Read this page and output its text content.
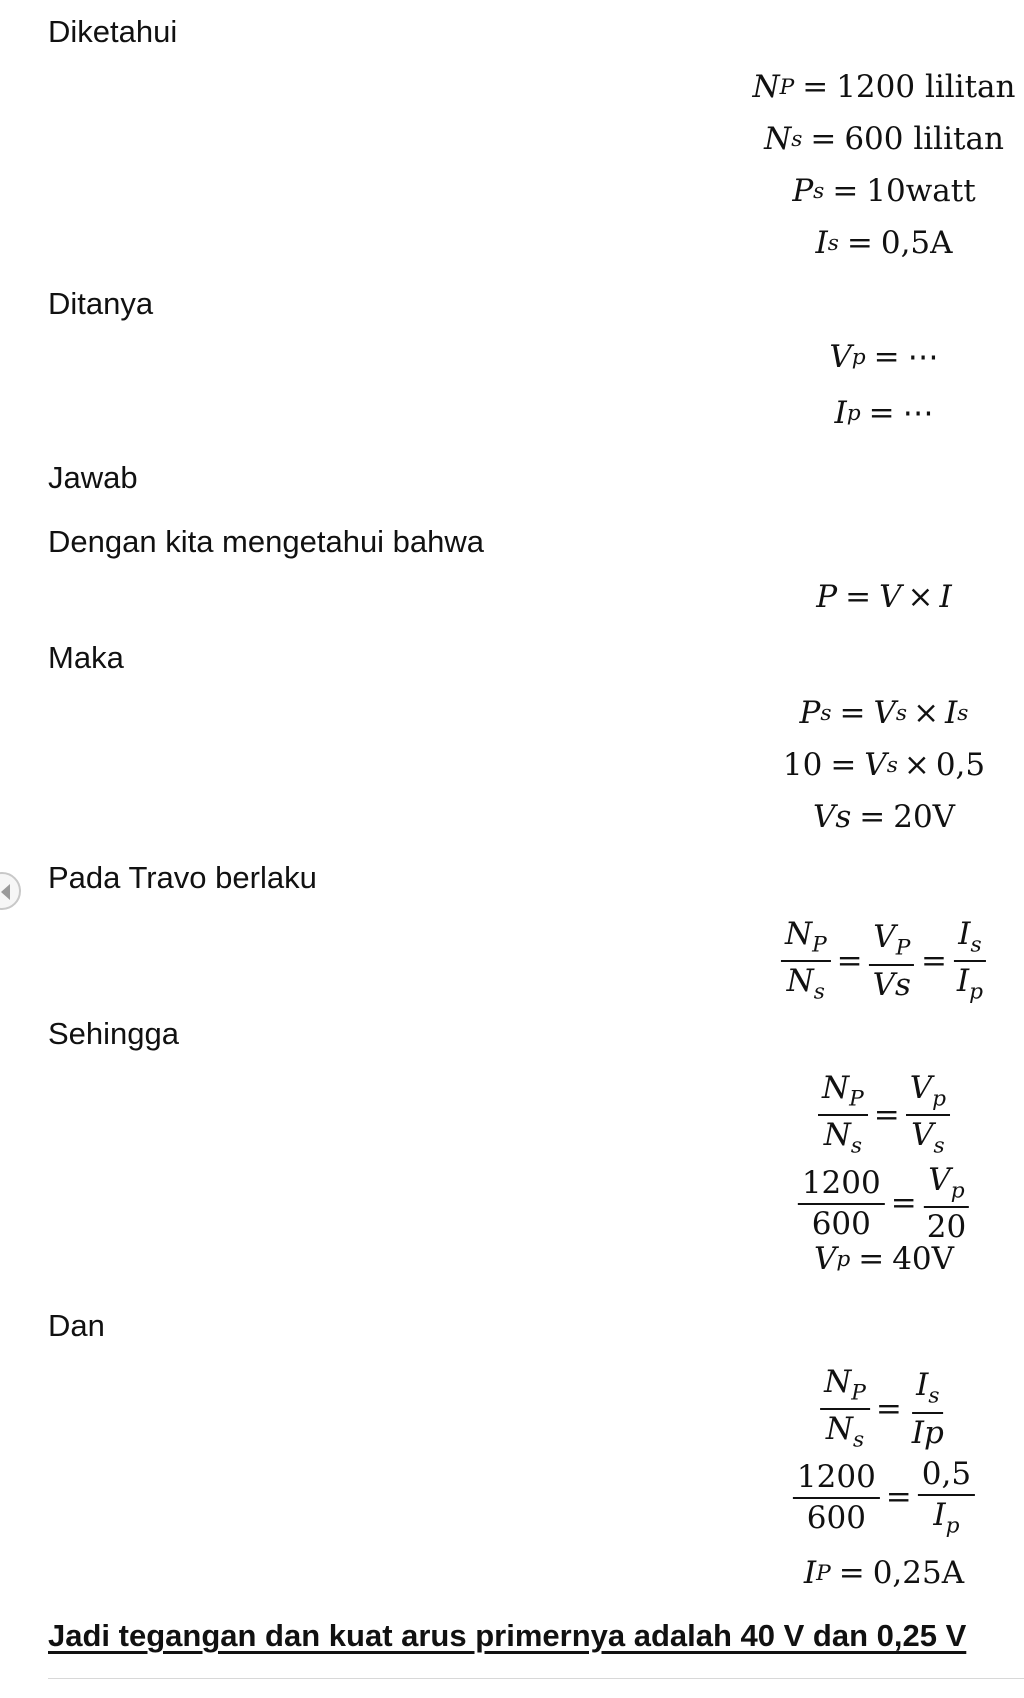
Diketahui

N P = 1200 lilitan
N s = 600 lilitan
P s = 10watt
I s = 0,5A

Ditanya

V p = ⋯
I p = ⋯

Jawab

Dengan kita mengetahui bahwa

P = V × I

Maka

P s = V s × I s
10 = V s × 0,5
Vs = 20V

Pada Travo berlaku

$\frac{N_P}{N_s} = \frac{V_P}{Vs} = \frac{I_s}{I_p}$

Sehingga

$\frac{N_P}{N_s} = \frac{V_p}{V_s}$
$\frac{1200}{600} = \frac{V_p}{20}$
V p = 40V

Dan

$\frac{N_P}{N_s} = \frac{I_s}{Ip}$
$\frac{1200}{600} = \frac{0,5}{I_p}$
I P = 0,25A
Jadi tegangan dan kuat arus primernya adalah 40 V dan 0,25 V
